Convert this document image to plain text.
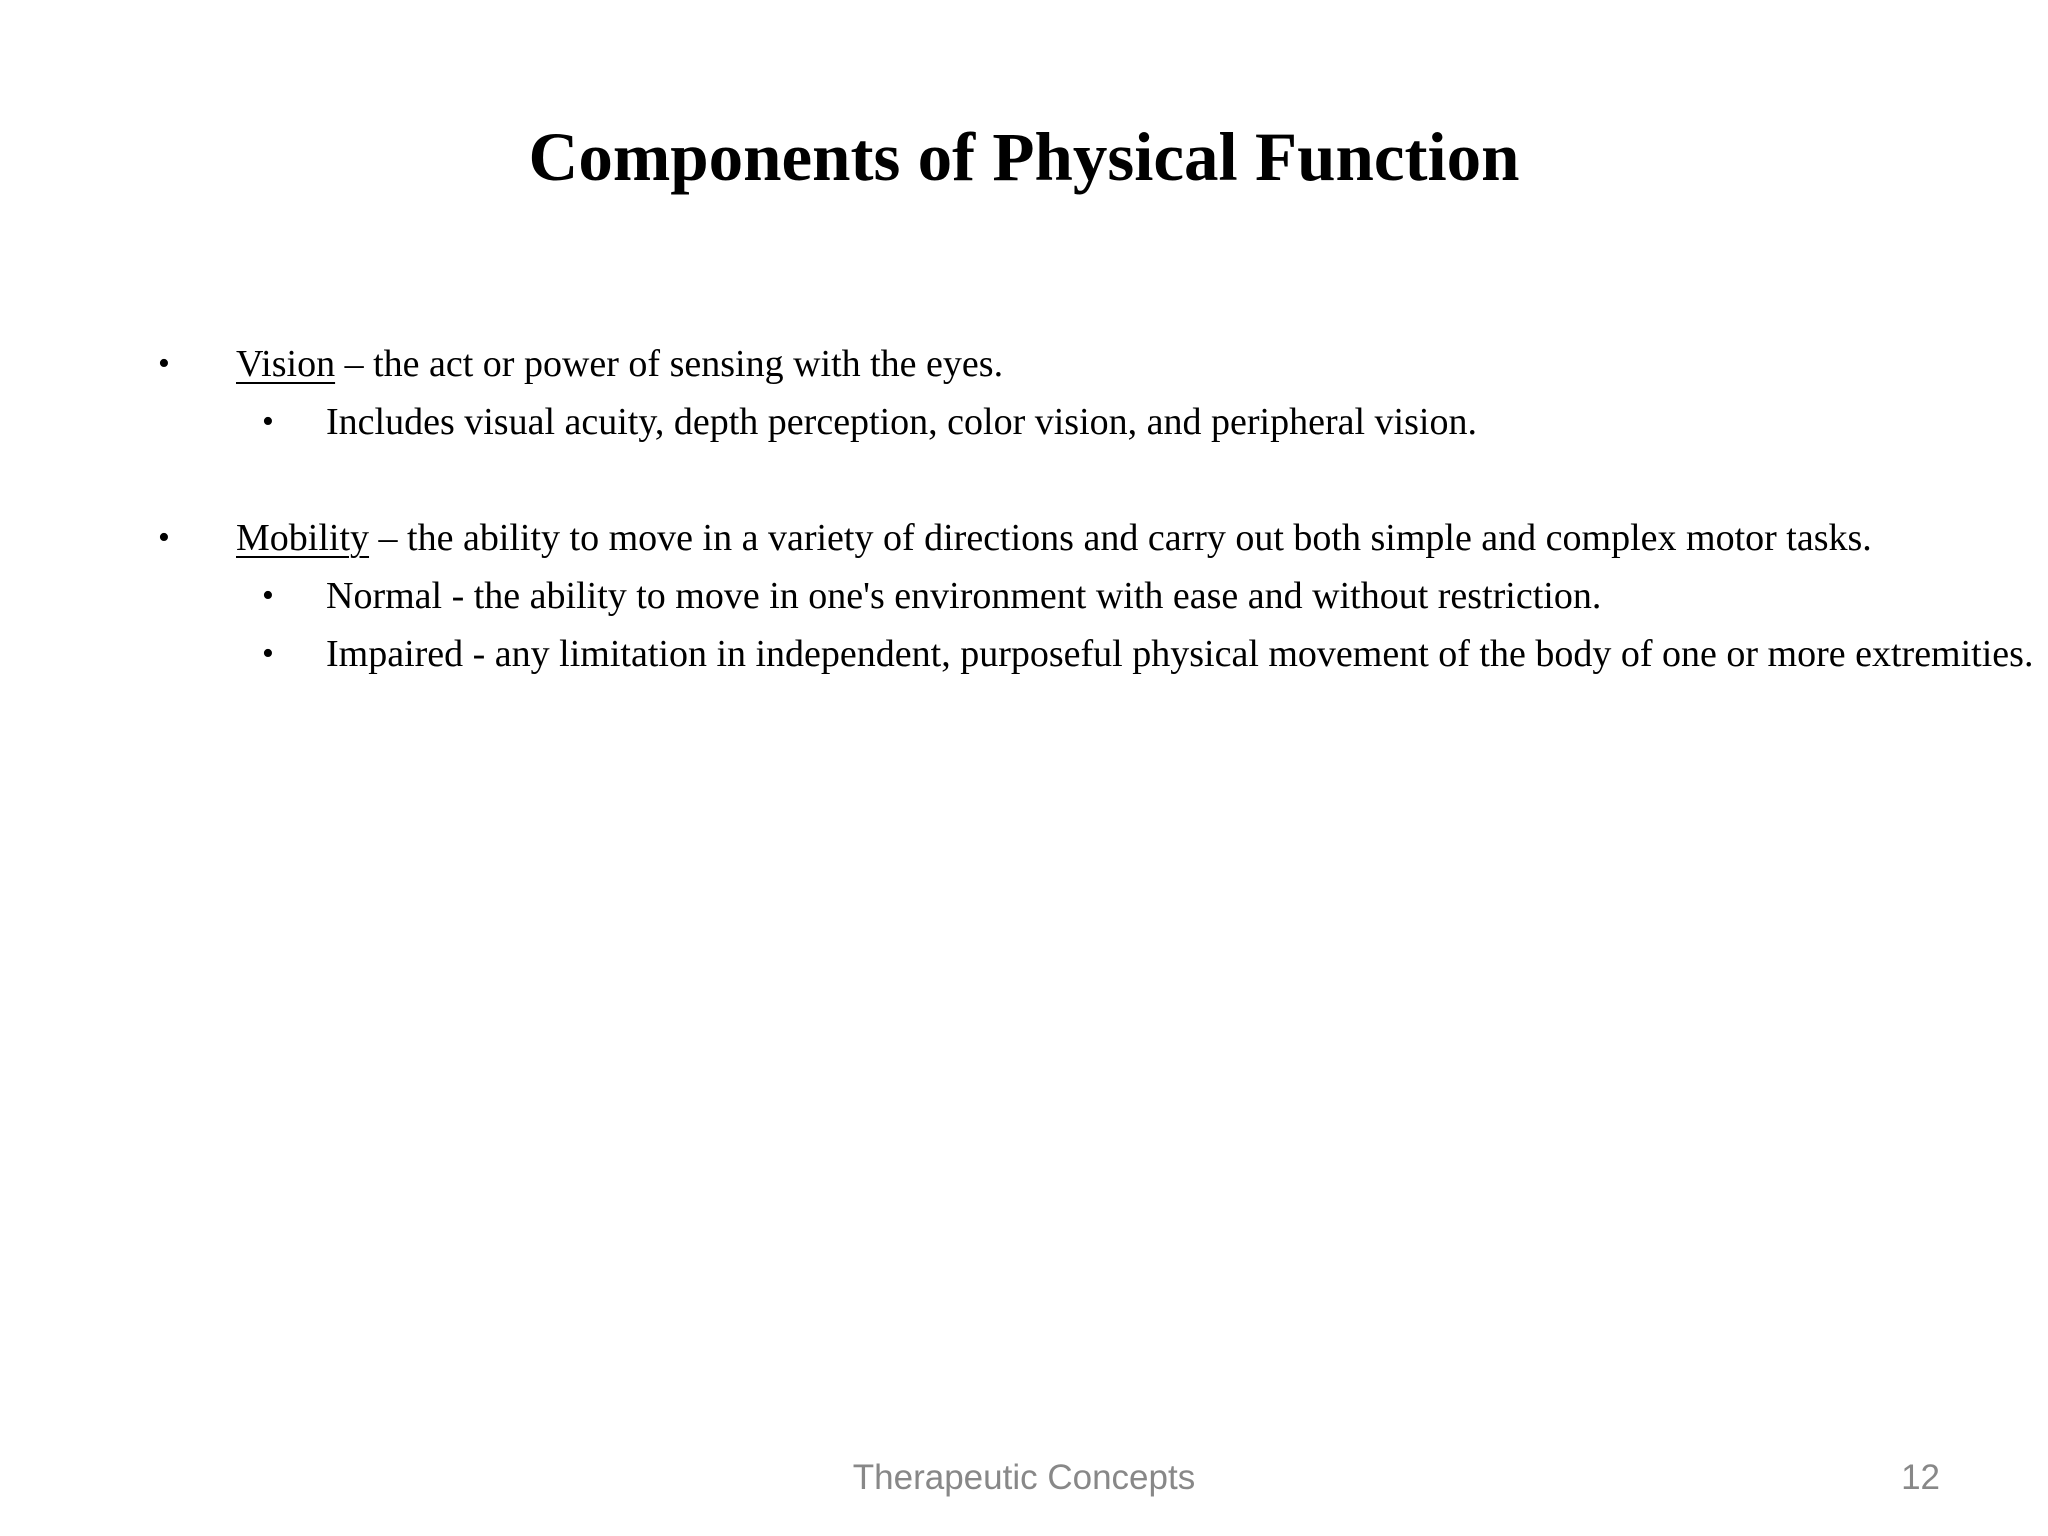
Components of Physical Function
• Vision – the act or power of sensing with the eyes.
• Includes visual acuity, depth perception, color vision, and peripheral vision.
• Mobility – the ability to move in a variety of directions and carry out both simple and complex motor tasks.
• Normal - the ability to move in one's environment with ease and without restriction.
• Impaired - any limitation in independent, purposeful physical movement of the body of one or more extremities.
Therapeutic Concepts	12
